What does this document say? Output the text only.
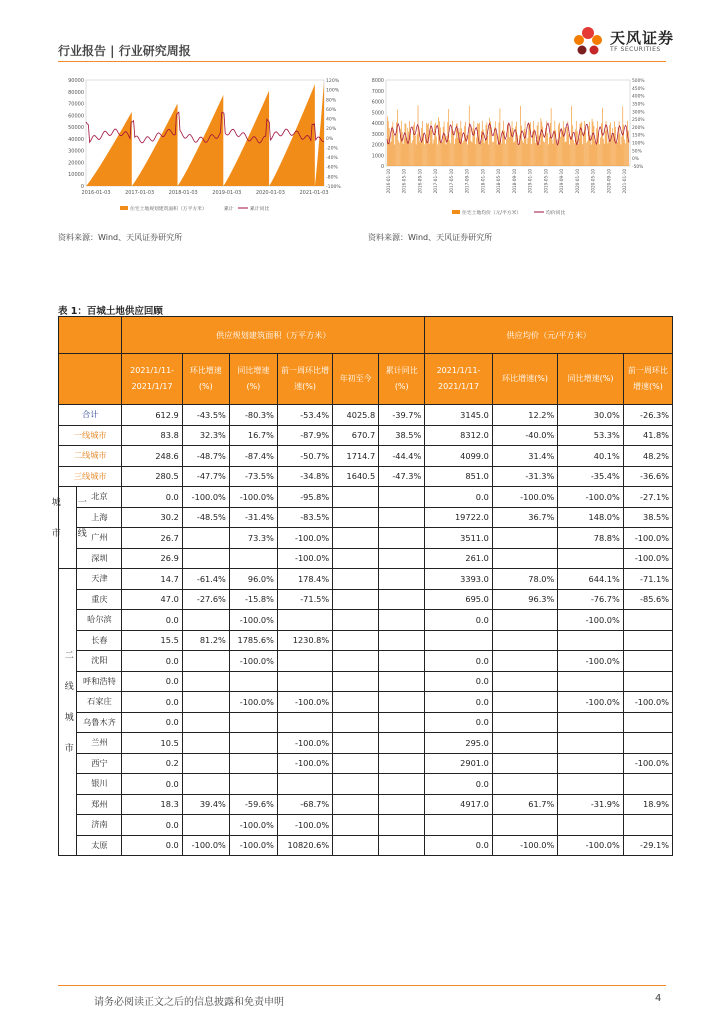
行业报告 | 行业研究周报
天风证券
TF SECURITIES
90000
80000
70000
60000
50000
40000
30000
20000
10000
0
120%
100%
80%
60%
40%
20%
0%
-20%
-40%
-60%
-80%
-100%
2016-01-03	2017-01-03	2018-01-03	2019-01-03	2020-01-03	2021-01-03
住宅土地规划建筑面积（万平方米）	累计	累计同比
8000
7000
6000
5000
4000
3000
2000
1000
0
500%
450%
400%
350%
300%
250%
200%
150%
100%
50%
0%
-50%
2016-01-10	2016-05-10	2016-09-10	2017-01-10	2017-05-10	2017-09-10	2018-01-10	2018-05-10	2018-09-10	2019-01-10	2019-05-10	2019-09-10	2020-01-10	2020-05-10	2020-09-10	2021-01-10
住宅土地均价（元/平方米）	均价同比
资料来源：Wind、天风证券研究所	资料来源：Wind、天风证券研究所
表 1：百城土地供应回顾
		供应规划建筑面积（万平方米）						供应均价（元/平方米）			
		2021/1/11-2021/1/17	环比增速(%)	同比增速(%)	前一周环比增速(%)	年初至今	累计同比(%)	2021/1/11-2021/1/17	环比增速(%)	同比增速(%)	前一周环比增速(%)
合计		612.9	-43.5%	-80.3%	-53.4%	4025.8	-39.7%	3145.0	12.2%	30.0%	-26.3%
一线城市		83.8	32.3%	16.7%	-87.9%	670.7	38.5%	8312.0	-40.0%	53.3%	41.8%
二线城市		248.6	-48.7%	-87.4%	-50.7%	1714.7	-44.4%	4099.0	31.4%	40.1%	48.2%
三线城市		280.5	-47.7%	-73.5%	-34.8%	1640.5	-47.3%	851.0	-31.3%	-35.4%	-36.6%
一线城市	北京	0.0	-100.0%	-100.0%	-95.8%			0.0	-100.0%	-100.0%	-27.1%
	上海	30.2	-48.5%	-31.4%	-83.5%			19722.0	36.7%	148.0%	38.5%
	广州	26.7		73.3%	-100.0%			3511.0		78.8%	-100.0%
	深圳	26.9			-100.0%			261.0			-100.0%
二线城市	天津	14.7	-61.4%	96.0%	178.4%			3393.0	78.0%	644.1%	-71.1%
	重庆	47.0	-27.6%	-15.8%	-71.5%			695.0	96.3%	-76.7%	-85.6%
	哈尔滨	0.0		-100.0%				0.0		-100.0%	
	长春	15.5	81.2%	1785.6%	1230.8%						
	沈阳	0.0		-100.0%				0.0		-100.0%	
	呼和浩特	0.0						0.0			
	石家庄	0.0		-100.0%	-100.0%			0.0		-100.0%	-100.0%
	乌鲁木齐	0.0						0.0			
	兰州	10.5			-100.0%			295.0			
	西宁	0.2			-100.0%			2901.0			-100.0%
	银川	0.0						0.0			
	郑州	18.3	39.4%	-59.6%	-68.7%			4917.0	61.7%	-31.9%	18.9%
	济南	0.0		-100.0%	-100.0%						
	太原	0.0	-100.0%	-100.0%	10820.6%			0.0	-100.0%	-100.0%	-29.1%
请务必阅读正文之后的信息披露和免责申明	4
